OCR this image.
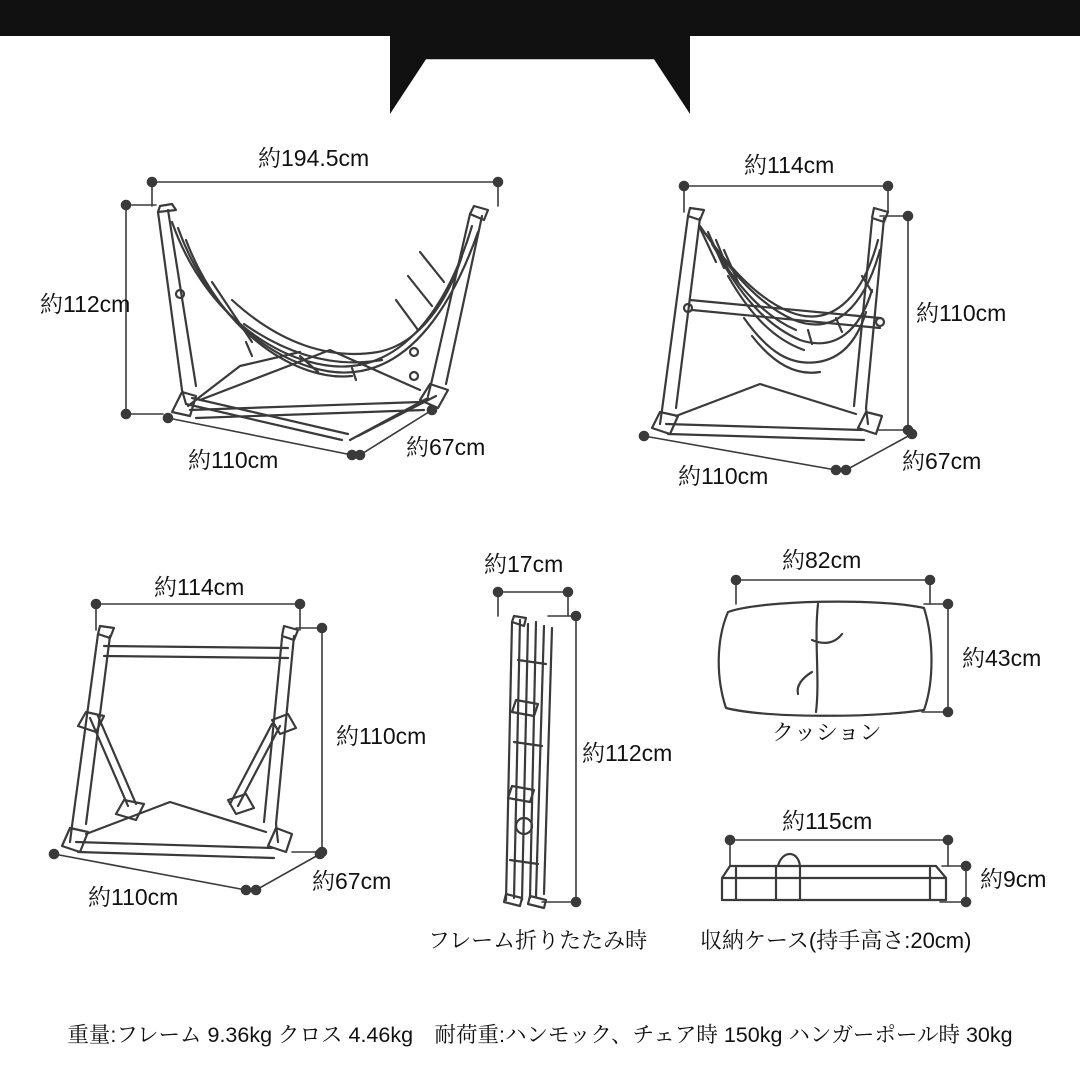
SIZE
約194.5cm
約112cm
約110cm	約67cm
約114cm
約110cm
約110cm
約67cm
約114cm
約110cm
約110cm
約67cm
約17cm
約112cm
フレーム折りたたみ時
約82cm
約43cm
クッション
約115cm
約9cm
収納ケース(持手高さ:20cm)
重量:フレーム 9.36kg クロス 4.46kg　耐荷重:ハンモック、チェア時 150kg ハンガーポール時 30kg
